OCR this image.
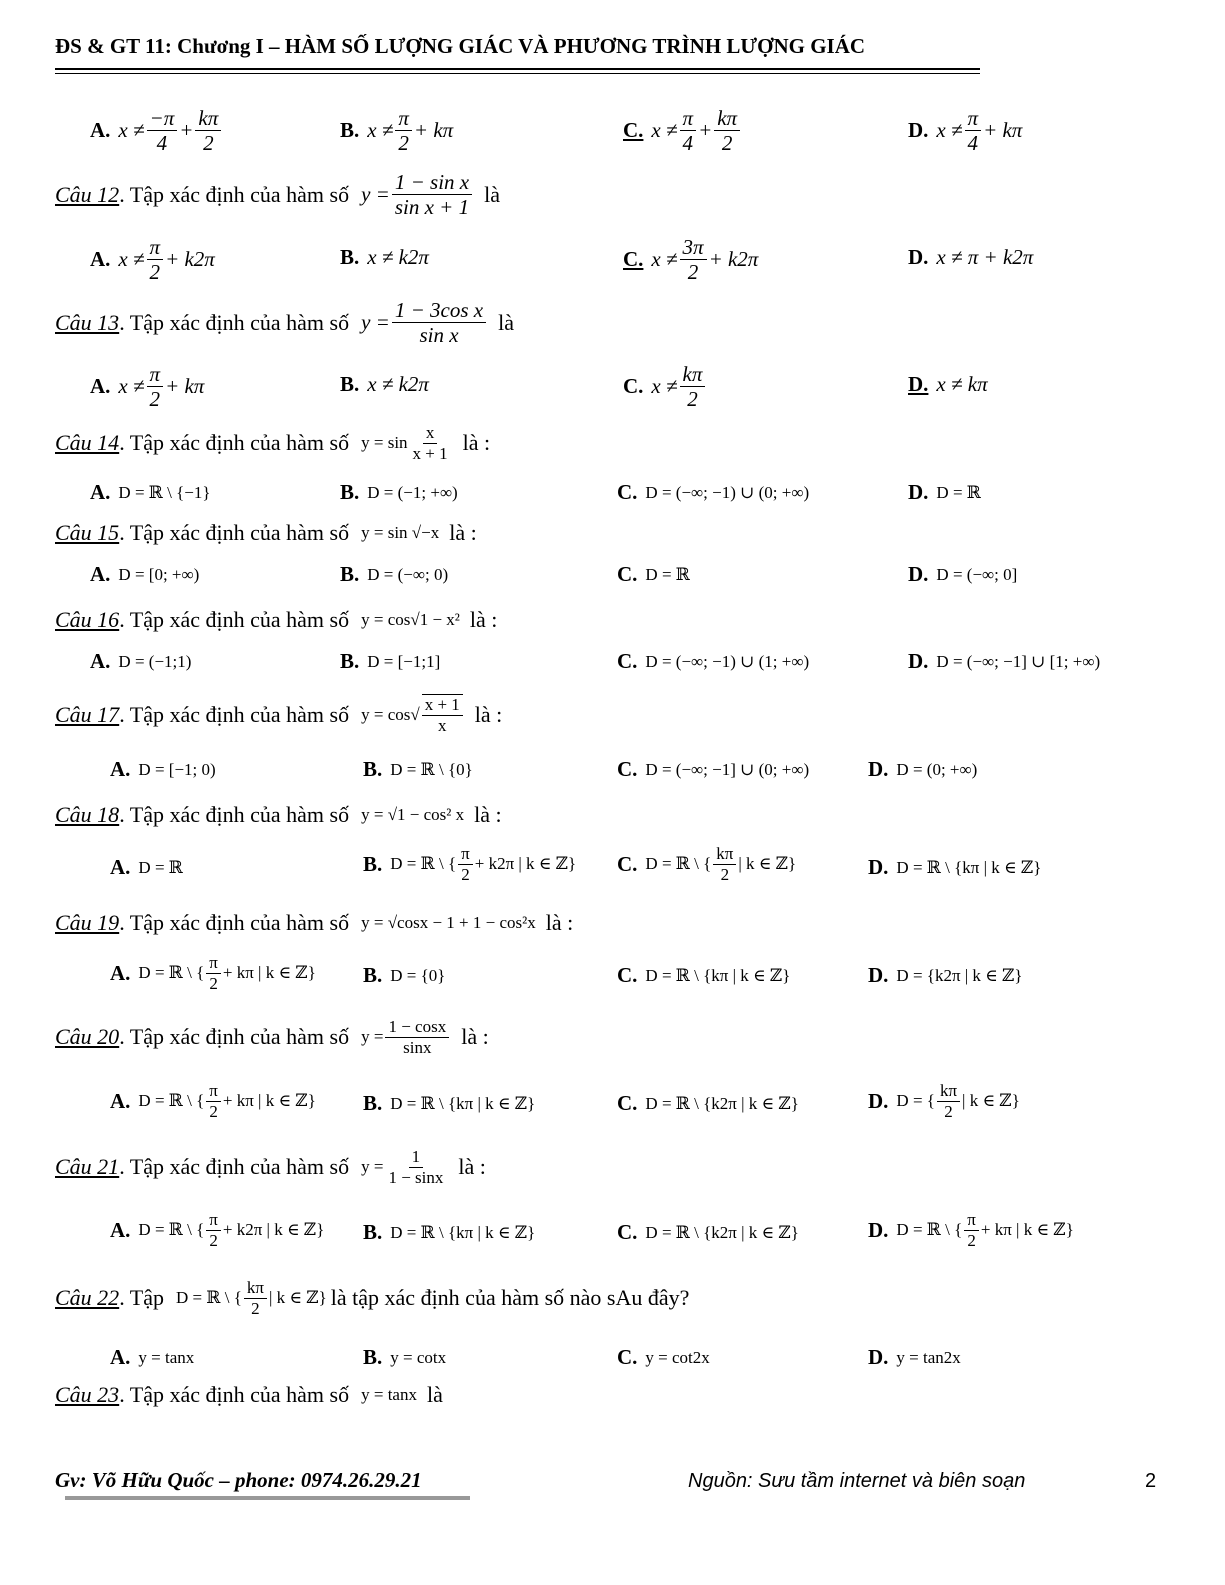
ĐS & GT 11: Chương I – HÀM SỐ LƯỢNG GIÁC VÀ PHƯƠNG TRÌNH LƯỢNG GIÁC
A. $x \ne \frac{-\pi}{4} + \frac{k\pi}{2}$	B. $x \ne \frac{\pi}{2} + k\pi$	C. $x \ne \frac{\pi}{4} + \frac{k\pi}{2}$	D. $x \ne \frac{\pi}{4} + k\pi$
Câu 12 . Tập xác định của hàm số $y = \frac{\text{1 − sin x}}{\text{sin x + 1}}$ là
A. $x \ne \frac{\pi}{2} + k2\pi$	B. x ≠ k2π	C. $x \ne \frac{3\pi}{2} + k2\pi$	D. x ≠ π + k2π
Câu 13 . Tập xác định của hàm số $y = \frac{\text{1 − 3cos x}}{\text{sin x}}$ là
A. $x \ne \frac{\pi}{2} + k\pi$	B. x ≠ k2π	C. $x \ne \frac{k\pi}{2}$	D. x ≠ kπ
Câu 14 . Tập xác định của hàm số $y = \sin \frac{x}{x + 1}$ là :
A. D = ℝ \ {−1}	B. D = (−1; +∞)	C. D = (−∞; −1) ∪ (0; +∞)	D. D = ℝ
Câu 15 . Tập xác định của hàm số y = sin √−x là :
A. D = [0; +∞)	B. D = (−∞; 0)	C. D = ℝ	D. D = (−∞; 0]
Câu 16 . Tập xác định của hàm số y = cos√1 − x² là :
A. D = (−1;1)	B. D = [−1;1]	C. D = (−∞; −1) ∪ (1; +∞)	D. D = (−∞; −1] ∪ [1; +∞)
Câu 17 . Tập xác định của hàm số $y = \cos√ \frac{x + 1}{x}$ là :
A. D = [−1; 0)	B. D = ℝ \ {0}	C. D = (−∞; −1] ∪ (0; +∞)	D. D = (0; +∞)
Câu 18 . Tập xác định của hàm số y = √1 − cos² x là :
A. D = ℝ	B. D = ℝ \ { $\frac{\pi}{2} + k2\pi$ | k ∈ ℤ} C. D = ℝ \ { $\frac{k\pi}{2}$ | k ∈ ℤ}	D. D = ℝ \ {kπ | k ∈ ℤ}
Câu 19 . Tập xác định của hàm số y = √cosx − 1 + 1 − cos²x là :
A. D = ℝ \ { $\frac{\pi}{2} + k\pi$ | k ∈ ℤ} B. D = {0}	C. D = ℝ \ {kπ | k ∈ ℤ}	D. D = {k2π | k ∈ ℤ}
Câu 20 . Tập xác định của hàm số $y = \frac{1 - \cos x}{\sin x}$ là :
A. D = ℝ \ { $\frac{\pi}{2} + k\pi$ | k ∈ ℤ} B. D = ℝ \ {kπ | k ∈ ℤ}	C. D = ℝ \ {k2π | k ∈ ℤ}	D. D = { $\frac{k\pi}{2}$ | k ∈ ℤ}
Câu 21 . Tập xác định của hàm số $y = \frac{1}{1 - \sin x}$ là :
A. D = ℝ \ { $\frac{\pi}{2} + k2\pi$ | k ∈ ℤ} B. D = ℝ \ {kπ | k ∈ ℤ}	C. D = ℝ \ {k2π | k ∈ ℤ}	D. D = ℝ \ { $\frac{\pi}{2} + k\pi$ | k ∈ ℤ}
Câu 22 . Tập D = ℝ \ { $\frac{k\pi}{2}$ | k ∈ ℤ} là tập xác định của hàm số nào sAu đây?
A. y = tanx	B. y = cotx	C. y = cot2x	D. y = tan2x
Câu 23 . Tập xác định của hàm số y = tanx là
Gv: Võ Hữu Quốc – phone: 0974.26.29.21	Nguồn: Sưu tầm internet và biên soạn	2
